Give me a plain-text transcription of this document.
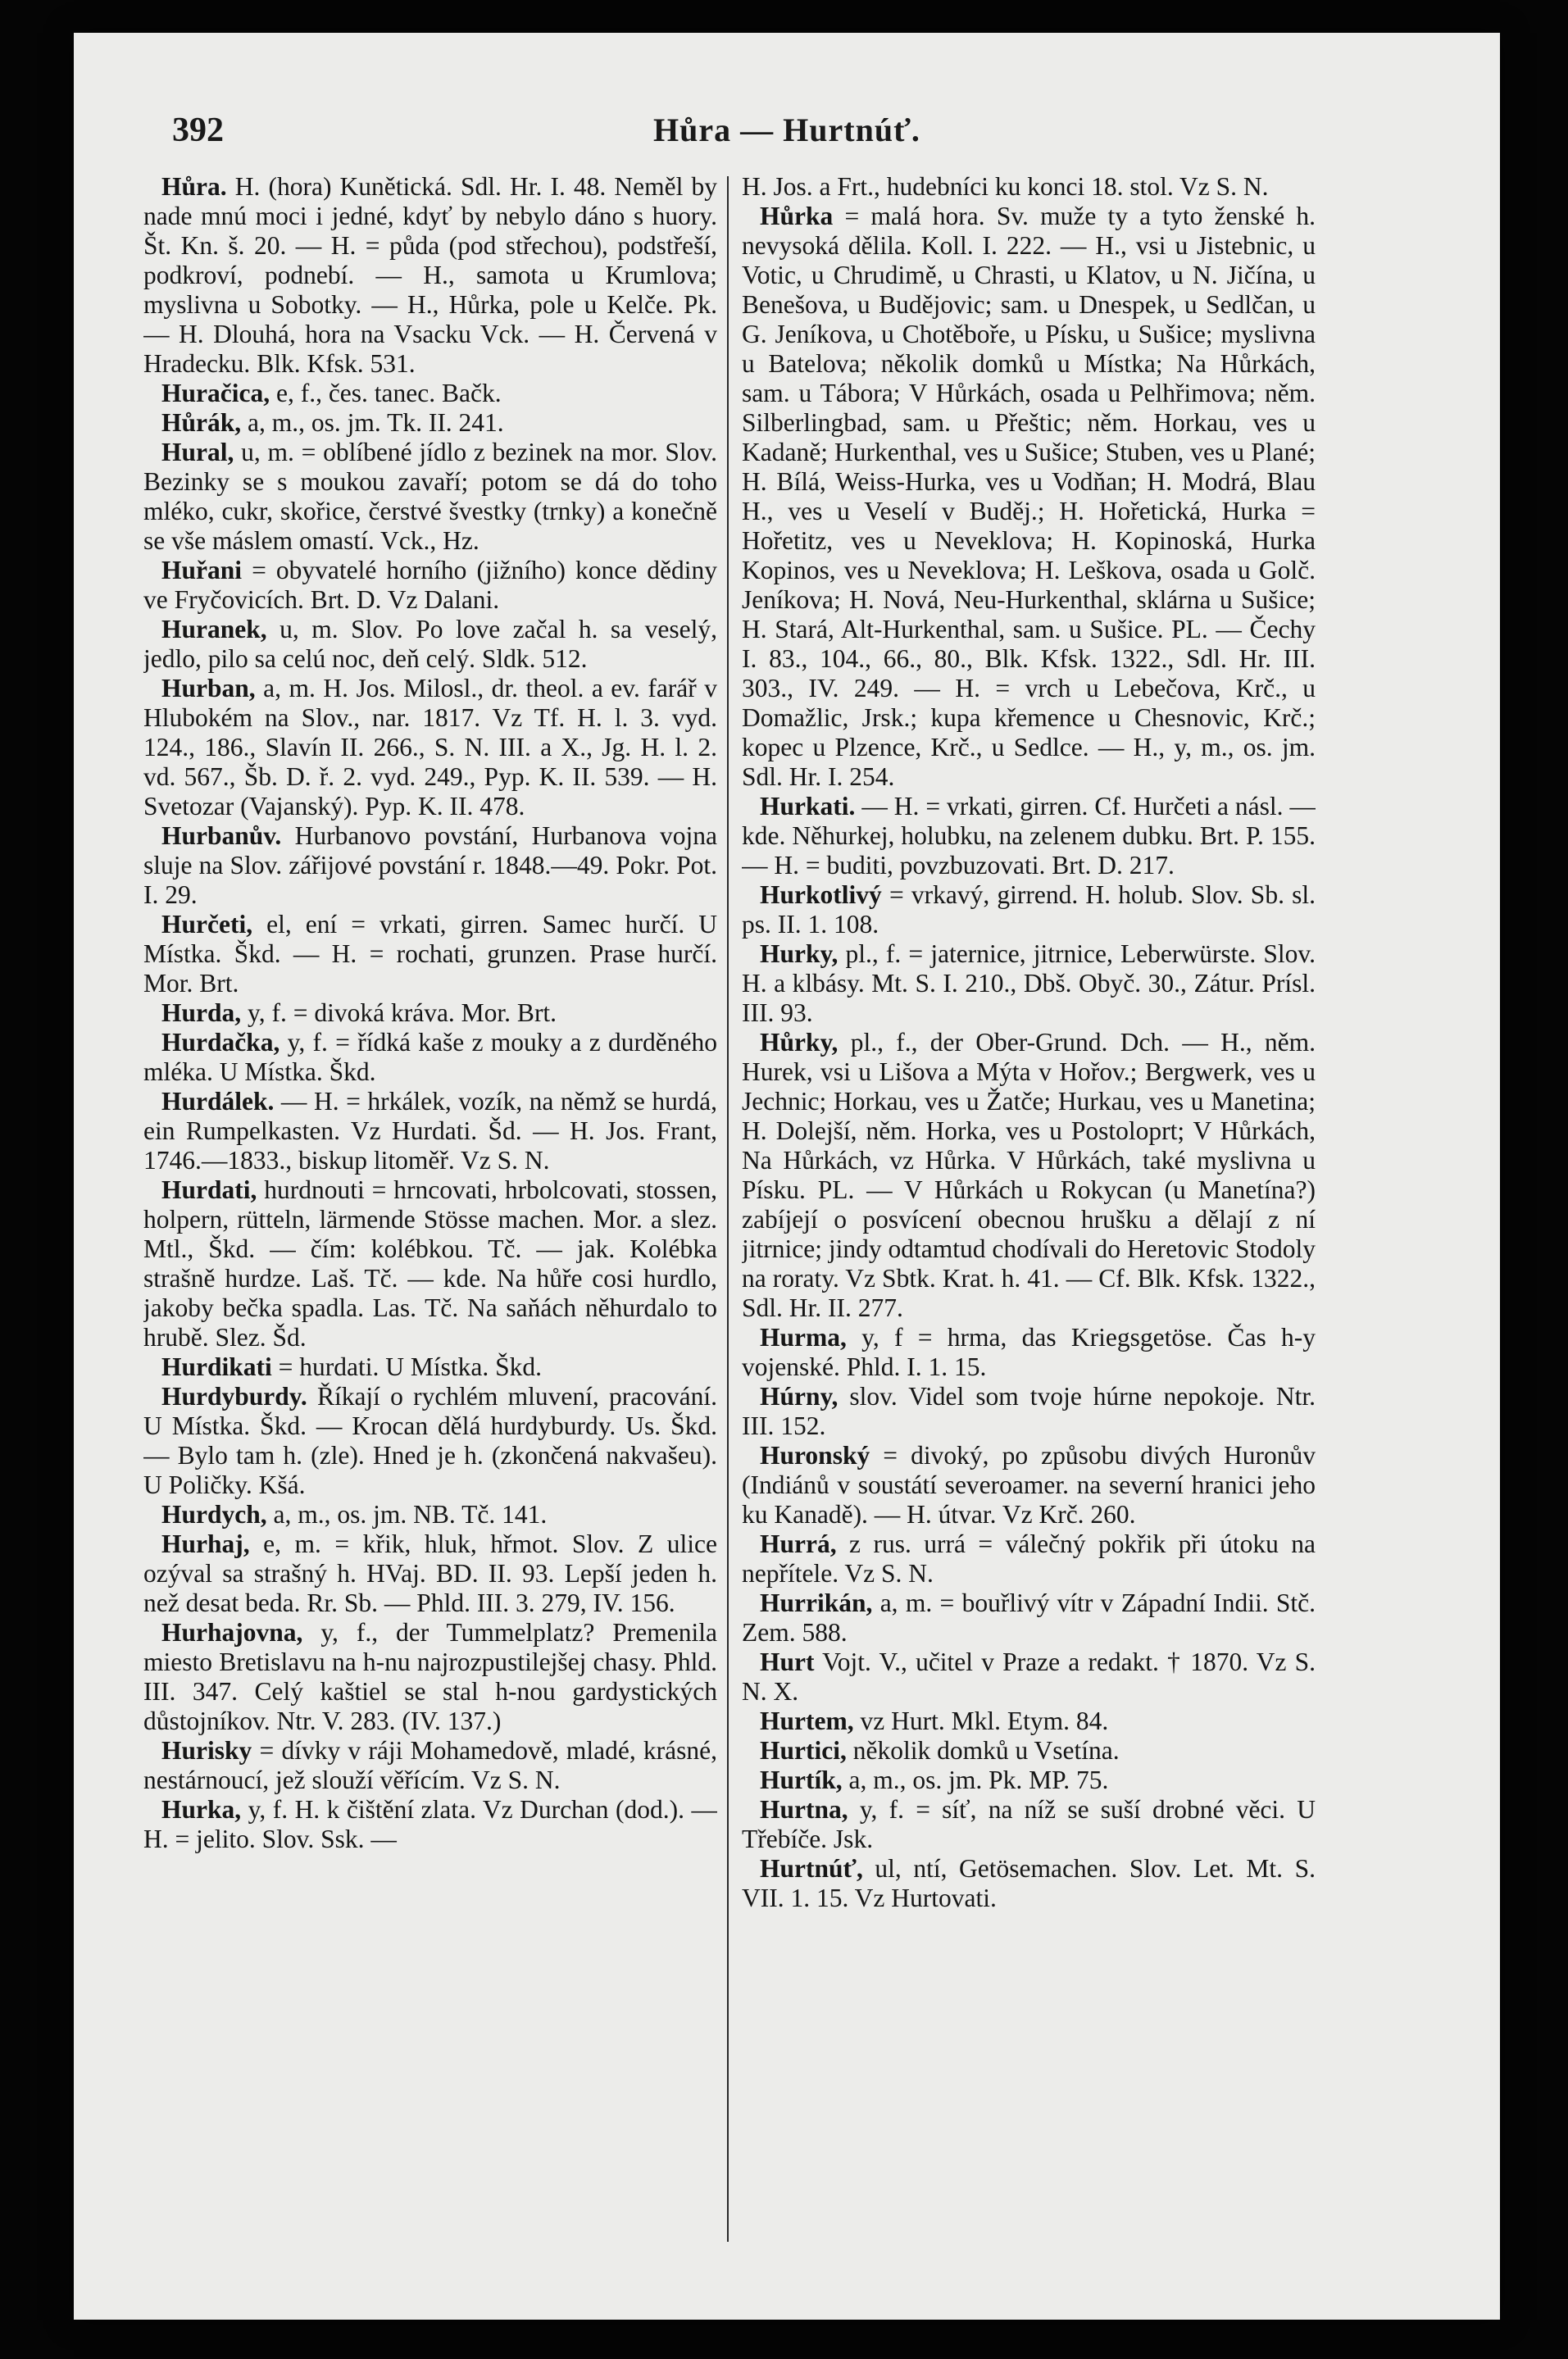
392	Hůra — Hurtnúť.
Hůra. H. (hora) Kunětická. Sdl. Hr. I. 48. Neměl by nade mnú moci i jedné, kdyť by nebylo dáno s huory. Št. Kn. š. 20. — H. = půda (pod střechou), podstřeší, podkroví, podnebí. — H., samota u Krumlova; myslivna u Sobotky. — H., Hůrka, pole u Kelče. Pk. — H. Dlouhá, hora na Vsacku Vck. — H. Červená v Hradecku. Blk. Kfsk. 531.
Huračica, e, f., čes. tanec. Bačk.
Hůrák, a, m., os. jm. Tk. II. 241.
Hural, u, m. = oblíbené jídlo z bezinek na mor. Slov. Bezinky se s moukou zavaří; potom se dá do toho mléko, cukr, skořice, čerstvé švestky (trnky) a konečně se vše máslem omastí. Vck., Hz.
Huřani = obyvatelé horního (jižního) konce dědiny ve Fryčovicích. Brt. D. Vz Dalani.
Huranek, u, m. Slov. Po love začal h. sa veselý, jedlo, pilo sa celú noc, deň celý. Sldk. 512.
Hurban, a, m. H. Jos. Milosl., dr. theol. a ev. farář v Hlubokém na Slov., nar. 1817. Vz Tf. H. l. 3. vyd. 124., 186., Slavín II. 266., S. N. III. a X., Jg. H. l. 2. vd. 567., Šb. D. ř. 2. vyd. 249., Pyp. K. II. 539. — H. Svetozar (Vajanský). Pyp. K. II. 478.
Hurbanův. Hurbanovo povstání, Hurbanova vojna sluje na Slov. zářijové povstání r. 1848.—49. Pokr. Pot. I. 29.
Hurčeti, el, ení = vrkati, girren. Samec hurčí. U Místka. Škd. — H. = rochati, grunzen. Prase hurčí. Mor. Brt.
Hurda, y, f. = divoká kráva. Mor. Brt.
Hurdačka, y, f. = řídká kaše z mouky a z durděného mléka. U Místka. Škd.
Hurdálek. — H. = hrkálek, vozík, na němž se hurdá, ein Rumpelkasten. Vz Hurdati. Šd. — H. Jos. Frant, 1746.—1833., biskup litoměř. Vz S. N.
Hurdati, hurdnouti = hrncovati, hrbolcovati, stossen, holpern, rütteln, lärmende Stösse machen. Mor. a slez. Mtl., Škd. — čím: kolébkou. Tč. — jak. Kolébka strašně hurdze. Laš. Tč. — kde. Na hůře cosi hurdlo, jakoby bečka spadla. Las. Tč. Na saňách něhurdalo to hrubě. Slez. Šd.
Hurdikati = hurdati. U Místka. Škd.
Hurdyburdy. Říkají o rychlém mluvení, pracování. U Místka. Škd. — Krocan dělá hurdyburdy. Us. Škd. — Bylo tam h. (zle). Hned je h. (zkončená nakvašeu). U Poličky. Kšá.
Hurdych, a, m., os. jm. NB. Tč. 141.
Hurhaj, e, m. = křik, hluk, hřmot. Slov. Z ulice ozýval sa strašný h. HVaj. BD. II. 93. Lepší jeden h. než desat beda. Rr. Sb. — Phld. III. 3. 279, IV. 156.
Hurhajovna, y, f., der Tummelplatz? Premenila miesto Bretislavu na h-nu najrozpustilejšej chasy. Phld. III. 347. Celý kaštiel se stal h-nou gardystických důstojníkov. Ntr. V. 283. (IV. 137.)
Hurisky = dívky v ráji Mohamedově, mladé, krásné, nestárnoucí, jež slouží věřícím. Vz S. N.
Hurka, y, f. H. k čištění zlata. Vz Durchan (dod.). — H. = jelito. Slov. Ssk. —
H. Jos. a Frt., hudebníci ku konci 18. stol. Vz S. N.
Hůrka = malá hora. Sv. muže ty a tyto ženské h. nevysoká dělila. Koll. I. 222. — H., vsi u Jistebnic, u Votic, u Chrudimě, u Chrasti, u Klatov, u N. Jičína, u Benešova, u Budějovic; sam. u Dnespek, u Sedlčan, u G. Jeníkova, u Chotěboře, u Písku, u Sušice; myslivna u Batelova; několik domků u Místka; Na Hůrkách, sam. u Tábora; V Hůrkách, osada u Pelhřimova; něm. Silberlingbad, sam. u Přeštic; něm. Horkau, ves u Kadaně; Hurkenthal, ves u Sušice; Stuben, ves u Plané; H. Bílá, Weiss-Hurka, ves u Vodňan; H. Modrá, Blau H., ves u Veselí v Buděj.; H. Hořetická, Hurka = Hořetitz, ves u Neveklova; H. Kopinoská, Hurka Kopinos, ves u Neveklova; H. Leškova, osada u Golč. Jeníkova; H. Nová, Neu-Hurkenthal, sklárna u Sušice; H. Stará, Alt-Hurkenthal, sam. u Sušice. PL. — Čechy I. 83., 104., 66., 80., Blk. Kfsk. 1322., Sdl. Hr. III. 303., IV. 249. — H. = vrch u Lebečova, Krč., u Domažlic, Jrsk.; kupa křemence u Chesnovic, Krč.; kopec u Plzence, Krč., u Sedlce. — H., y, m., os. jm. Sdl. Hr. I. 254.
Hurkati. — H. = vrkati, girren. Cf. Hurčeti a násl. — kde. Něhurkej, holubku, na zelenem dubku. Brt. P. 155. — H. = buditi, povzbuzovati. Brt. D. 217.
Hurkotlivý = vrkavý, girrend. H. holub. Slov. Sb. sl. ps. II. 1. 108.
Hurky, pl., f. = jaternice, jitrnice, Leberwürste. Slov. H. a klbásy. Mt. S. I. 210., Dbš. Obyč. 30., Zátur. Prísl. III. 93.
Hůrky, pl., f., der Ober-Grund. Dch. — H., něm. Hurek, vsi u Lišova a Mýta v Hořov.; Bergwerk, ves u Jechnic; Horkau, ves u Žatče; Hurkau, ves u Manetina; H. Dolejší, něm. Horka, ves u Postoloprt; V Hůrkách, Na Hůrkách, vz Hůrka. V Hůrkách, také myslivna u Písku. PL. — V Hůrkách u Rokycan (u Manetína?) zabíjejí o posvícení obecnou hrušku a dělají z ní jitrnice; jindy odtamtud chodívali do Heretovic Stodoly na roraty. Vz Sbtk. Krat. h. 41. — Cf. Blk. Kfsk. 1322., Sdl. Hr. II. 277.
Hurma, y, f = hrma, das Kriegsgetöse. Čas h-y vojenské. Phld. I. 1. 15.
Húrny, slov. Videl som tvoje húrne nepokoje. Ntr. III. 152.
Huronský = divoký, po způsobu divých Huronův (Indiánů v soustátí severoamer. na severní hranici jeho ku Kanadě). — H. útvar. Vz Krč. 260.
Hurrá, z rus. urrá = válečný pokřik při útoku na nepřítele. Vz S. N.
Hurrikán, a, m. = bouřlivý vítr v Západní Indii. Stč. Zem. 588.
Hurt Vojt. V., učitel v Praze a redakt. † 1870. Vz S. N. X.
Hurtem, vz Hurt. Mkl. Etym. 84.
Hurtici, několik domků u Vsetína.
Hurtík, a, m., os. jm. Pk. MP. 75.
Hurtna, y, f. = síť, na níž se suší drobné věci. U Třebíče. Jsk.
Hurtnúť, ul, ntí, Getösemachen. Slov. Let. Mt. S. VII. 1. 15. Vz Hurtovati.
